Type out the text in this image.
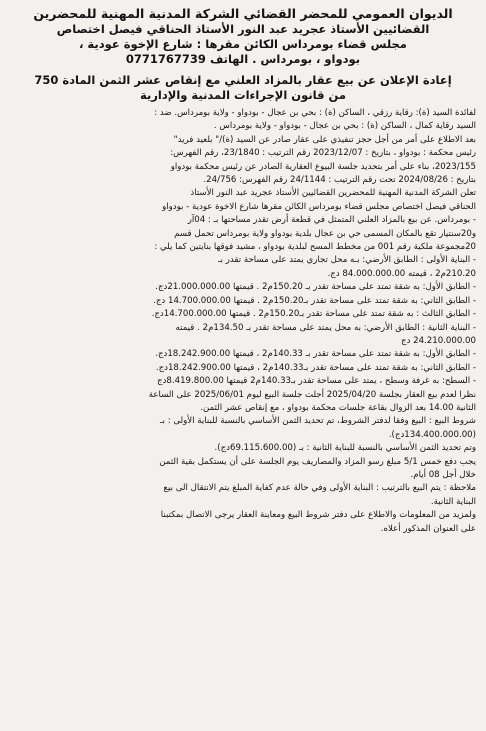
الديوان العمومي للمحضر القضائي الشركة المدنية المهنية للمحضرين
القضائيين الأستاذ عجريد عبد النور الأستاذ الحناقي فيصل اختصاص
مجلس قضاء بومرداس الكائن مقرها : شارع الإخوة عودية ،
بودواو ، بومرداس . الهاتف 0771767739
إعادة الإعلان عن بيع عقار بالمزاد العلني مع إنقاص عشر الثمن المادة 750
من قانون الإجراءات المدنية والإدارية

لفائدة السيد (ة): رقاية رزقي ، الساكن (ة) : بحي بن عجال - بودواو - ولاية بومرداس. ضد :

السيد رقاية كمال ، الساكن (ة) : بحي بن عجال - بودواو - ولاية بومرداس .

بعد الاطلاع على أمر من أجل حجز تنفيذي على عقار صادر عن السيد (ة)/" بلعيد فريد"

رئيس محكمة : بودواو ، بتاريخ : 2023/12/07 رقم الترتيب : 23/1840، رقم الفهرس:

2023/155، بناء على أمر بتحديد جلسة البيوع العقارية الصادر عن رئيس محكمة بودواو

بتاريخ : 2024/08/26 تحت رقم الترتيب : 24/1144 رقم الفهرس: 24/756.

تعلن الشركة المدنية المهنية للمحضرين القضائيين الأستاذ عجريد عبد النور الأستاذ

الحناقي فيصل اختصاص مجلس قضاء بومرداس الكائن مقرها شارع الاخوة عودية - بودواو

- بومرداس. عن بيع بالمزاد العلني المتمثل في قطعة أرض تقدر مساحتها بـ : 04آر

و20سنتيار تقع بالمكان المسمى حي بن عجال بلدية بودواو ولاية بومرداس تحمل قسم

20مجموعة ملكية رقم 001 من مخطط المسح لبلدية بودواو ، مشيد فوقها بنايتين كما يلي :

- البناية الأولى : الطابق الأرضي: بـه محل تجاري يمتد على مساحة تقدر بـ

210.20م2 ، قيمته 84.000.000.00 دج.

- الطابق الأول: به شقة تمتد على مساحة تقدر بـ 150.20م2 . قيمتها 21.000.000.00دج.

- الطابق الثاني: به شقة تمتد على مساحة تقدر بـ150.20م2 . قيمتها 14.700.000.00 دج.

- الطابق الثالث : به شقة تمتد على مساحة تقدر بـ150.20م2 . قيمتها 14.700.000.00دج.

- البناية الثانية : الطابق الأرضي: به محل يمتد على مساحة تقدر بـ 134.50م2 . قيمته

24.210.000.00 دج

- الطابق الأول: به شقة تمتد على مساحة تقدر بـ 140.33م2 ، قيمتها 18.242.900.00دج.

- الطابق الثاني: به شقة تمتد على مساحة تقدر بـ140.33م2 ، قيمتها 18.242.900.00دج.

- السطح: به غرفة وسطح ، يمتد على مساحة تقدر بـ140.33م2 قيمتها 8.419.800.00دج

نظرا لعدم بيع العقار بجلسة 2025/04/20 أجلت جلسة البيع ليوم 2025/06/01 على الساعة

الثانية 14.00 بعد الزوال بقاعة جلسات محكمة بودواو ، مع إنقاص عشر الثمن.

شروط البيع : البيع وفقا لدفتر الشروط، تم تحديد الثمن الأساسي بالنسبة للبناية الأولى : بـ

(134.400.000.00دج).

وتم تحديد الثمن الأساسي بالنسبة للبناية الثانية : بـ (69.115.600.00دج).

يجب دفع خمس 5/1 مبلغ رسو المزاد والمصاريف يوم الجلسة على أن يستكمل بقية الثمن

خلال أجل 08 أيام.

ملاحظة : يتم البيع بالترتيب : البناية الأولى وفي حالة عدم كفاية المبلغ يتم الانتقال الى بيع

البناية الثانية.

ولمزيد من المعلومات والاطلاع على دفتر شروط البيع ومعاينة العقار يرجى الاتصال بمكتبنا

على العنوان المذكور أعلاه.
